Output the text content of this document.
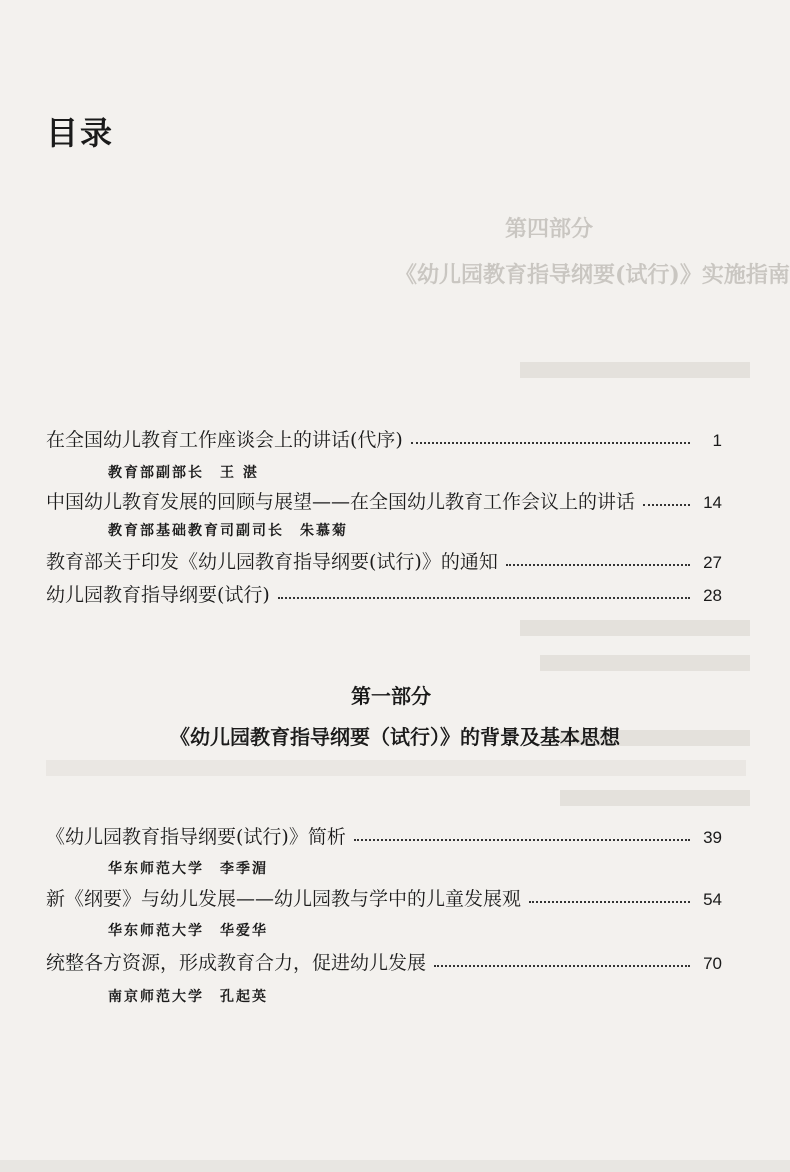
第四部分
《幼儿园教育指导纲要(试行)》实施指南
目录
在全国幼儿教育工作座谈会上的讲话(代序)	1
教育部副部长 王 湛
中国幼儿教育发展的回顾与展望——在全国幼儿教育工作会议上的讲话	14
教育部基础教育司副司长 朱慕菊
教育部关于印发《幼儿园教育指导纲要(试行)》的通知	27
幼儿园教育指导纲要(试行)	28
第一部分
《幼儿园教育指导纲要（试行）》的背景及基本思想
《幼儿园教育指导纲要(试行)》简析	39
华东师范大学 李季湄
新《纲要》与幼儿发展——幼儿园教与学中的儿童发展观	54
华东师范大学 华爱华
统整各方资源，形成教育合力，促进幼儿发展	70
南京师范大学 孔起英
